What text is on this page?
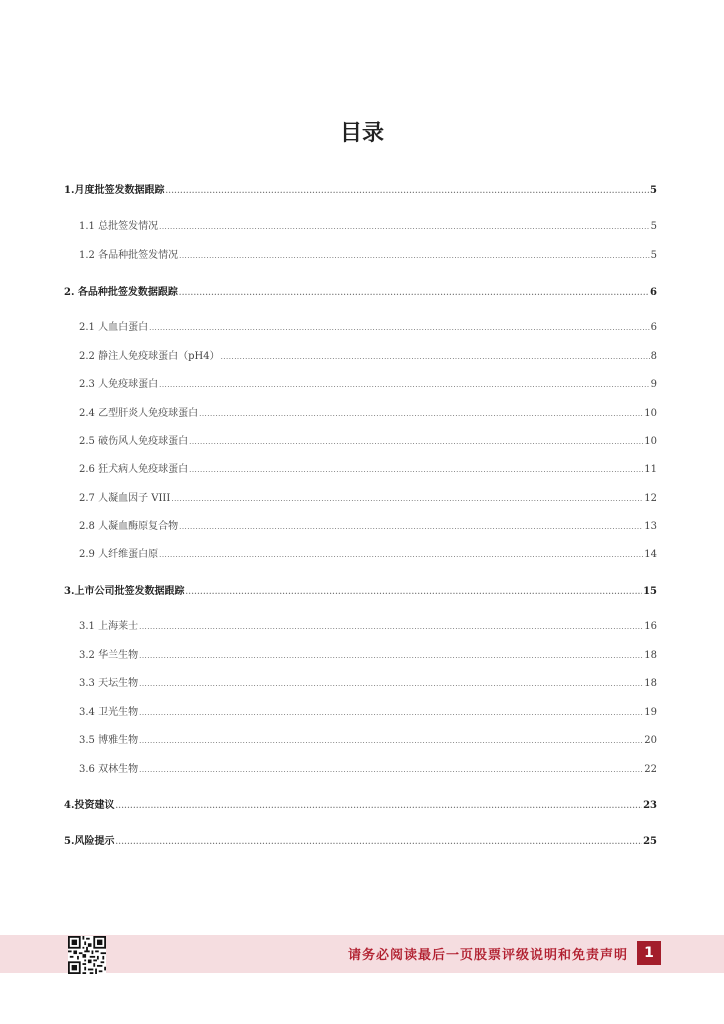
目录
1.月度批签发数据跟踪 .....	5
1.1 总批签发情况 .....	5
1.2 各品种批签发情况 .....	5
2. 各品种批签发数据跟踪 .....	6
2.1 人血白蛋白 .....	6
2.2 静注人免疫球蛋白（pH4） .....	8
2.3 人免疫球蛋白 .....	9
2.4 乙型肝炎人免疫球蛋白 .....	10
2.5 破伤风人免疫球蛋白 .....	10
2.6 狂犬病人免疫球蛋白 .....	11
2.7 人凝血因子 VIII .....	12
2.8 人凝血酶原复合物 .....	13
2.9 人纤维蛋白原 .....	14
3.上市公司批签发数据跟踪 .....	15
3.1 上海莱士 .....	16
3.2 华兰生物 .....	18
3.3 天坛生物 .....	18
3.4 卫光生物 .....	19
3.5 博雅生物 .....	20
3.6 双林生物 .....	22
4.投资建议 .....	23
5.风险提示 .....	25
请务必阅读最后一页股票评级说明和免责声明	1
